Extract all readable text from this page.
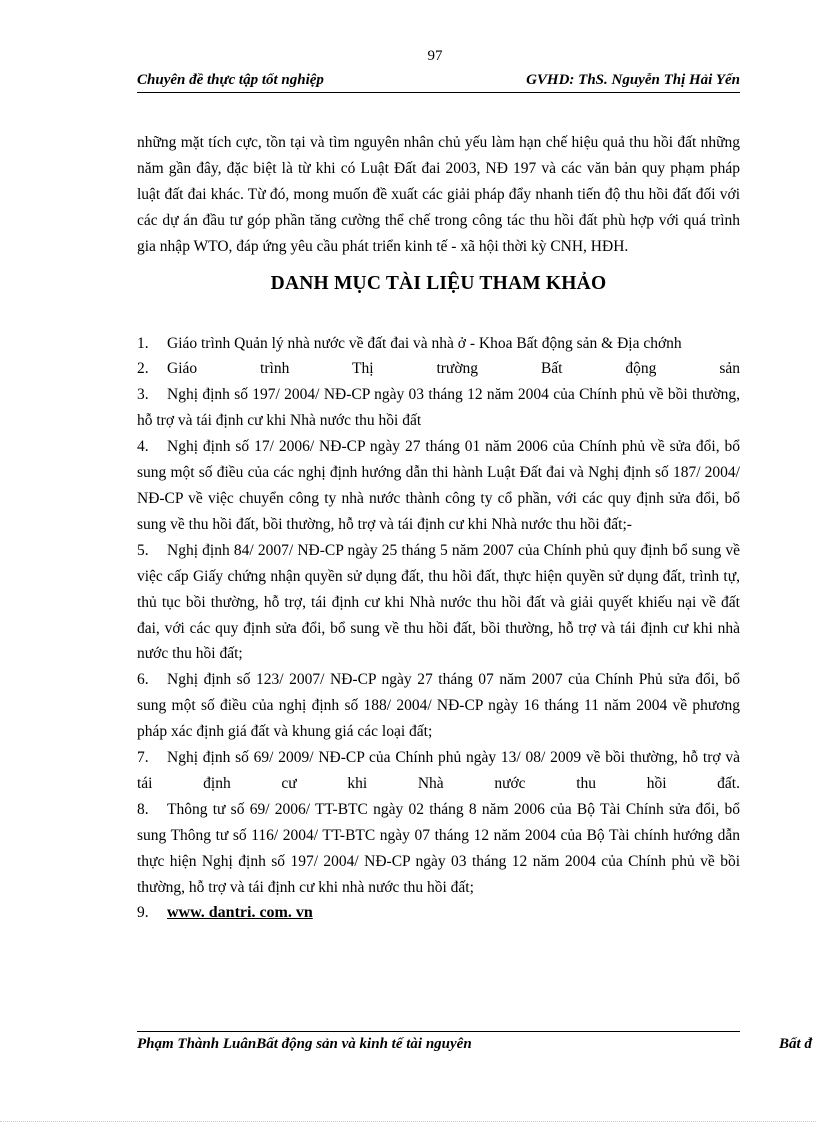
97
Chuyên đề thực tập tốt nghiệp	GVHD: ThS. Nguyễn Thị Hải Yến

những mặt tích cực, tồn tại và tìm nguyên nhân chủ yếu làm hạn chế hiệu quả thu hồi đất những năm gần đây, đặc biệt là từ khi có Luật Đất đai 2003, NĐ 197 và các văn bản quy phạm pháp luật đất đai khác. Từ đó, mong muốn đề xuất các giải pháp đẩy nhanh tiến độ thu hồi đất đối với các dự án đầu tư góp phần tăng cường thể chế trong công tác thu hồi đất phù hợp với quá trình gia nhập WTO, đáp ứng yêu cầu phát triển kinh tế - xã hội thời kỳ CNH, HĐH.

DANH MỤC TÀI LIỆU THAM KHẢO

1. Giáo trình Quản lý nhà nước về đất đai và nhà ở - Khoa Bất động sản & Địa chớnh

2. Giáo trình Thị trường Bất động sản

3. Nghị định số 197/ 2004/ NĐ-CP ngày 03 tháng 12 năm 2004 của Chính phủ về bồi thường, hỗ trợ và tái định cư khi Nhà nước thu hồi đất

4. Nghị định số 17/ 2006/ NĐ-CP ngày 27 tháng 01 năm 2006 của Chính phủ về sửa đổi, bổ sung một số điều của các nghị định hướng dẫn thi hành Luật Đất đai và Nghị định số 187/ 2004/ NĐ-CP về việc chuyển công ty nhà nước thành công ty cổ phần, với các quy định sửa đổi, bổ sung về thu hồi đất, bồi thường, hỗ trợ và tái định cư khi Nhà nước thu hồi đất;-

5. Nghị định 84/ 2007/ NĐ-CP ngày 25 tháng 5 năm 2007 của Chính phủ quy định bổ sung về việc cấp Giấy chứng nhận quyền sử dụng đất, thu hồi đất, thực hiện quyền sử dụng đất, trình tự, thủ tục bồi thường, hỗ trợ, tái định cư khi Nhà nước thu hồi đất và giải quyết khiếu nại về đất đai, với các quy định sửa đổi, bổ sung về thu hồi đất, bồi thường, hỗ trợ và tái định cư khi nhà nước thu hồi đất;

6. Nghị định số 123/ 2007/ NĐ-CP ngày 27 tháng 07 năm 2007 của Chính Phủ sửa đổi, bổ sung một số điều của nghị định số 188/ 2004/ NĐ-CP ngày 16 tháng 11 năm 2004 về phương pháp xác định giá đất và khung giá các loại đất;

7. Nghị định số 69/ 2009/ NĐ-CP của Chính phủ ngày 13/ 08/ 2009 về bồi thường, hỗ trợ và tái định cư khi Nhà nước thu hồi đất.

8. Thông tư số 69/ 2006/ TT-BTC ngày 02 tháng 8 năm 2006 của Bộ Tài Chính sửa đổi, bổ sung Thông tư số 116/ 2004/ TT-BTC ngày 07 tháng 12 năm 2004 của Bộ Tài chính hướng dẫn thực hiện Nghị định số 197/ 2004/ NĐ-CP ngày 03 tháng 12 năm 2004 của Chính phủ về bồi thường, hỗ trợ và tái định cư khi nhà nước thu hồi đất;

9. www. dantri. com. vn

Phạm Thành LuânBất động sản và kinh tế tài nguyên	Bất đ
